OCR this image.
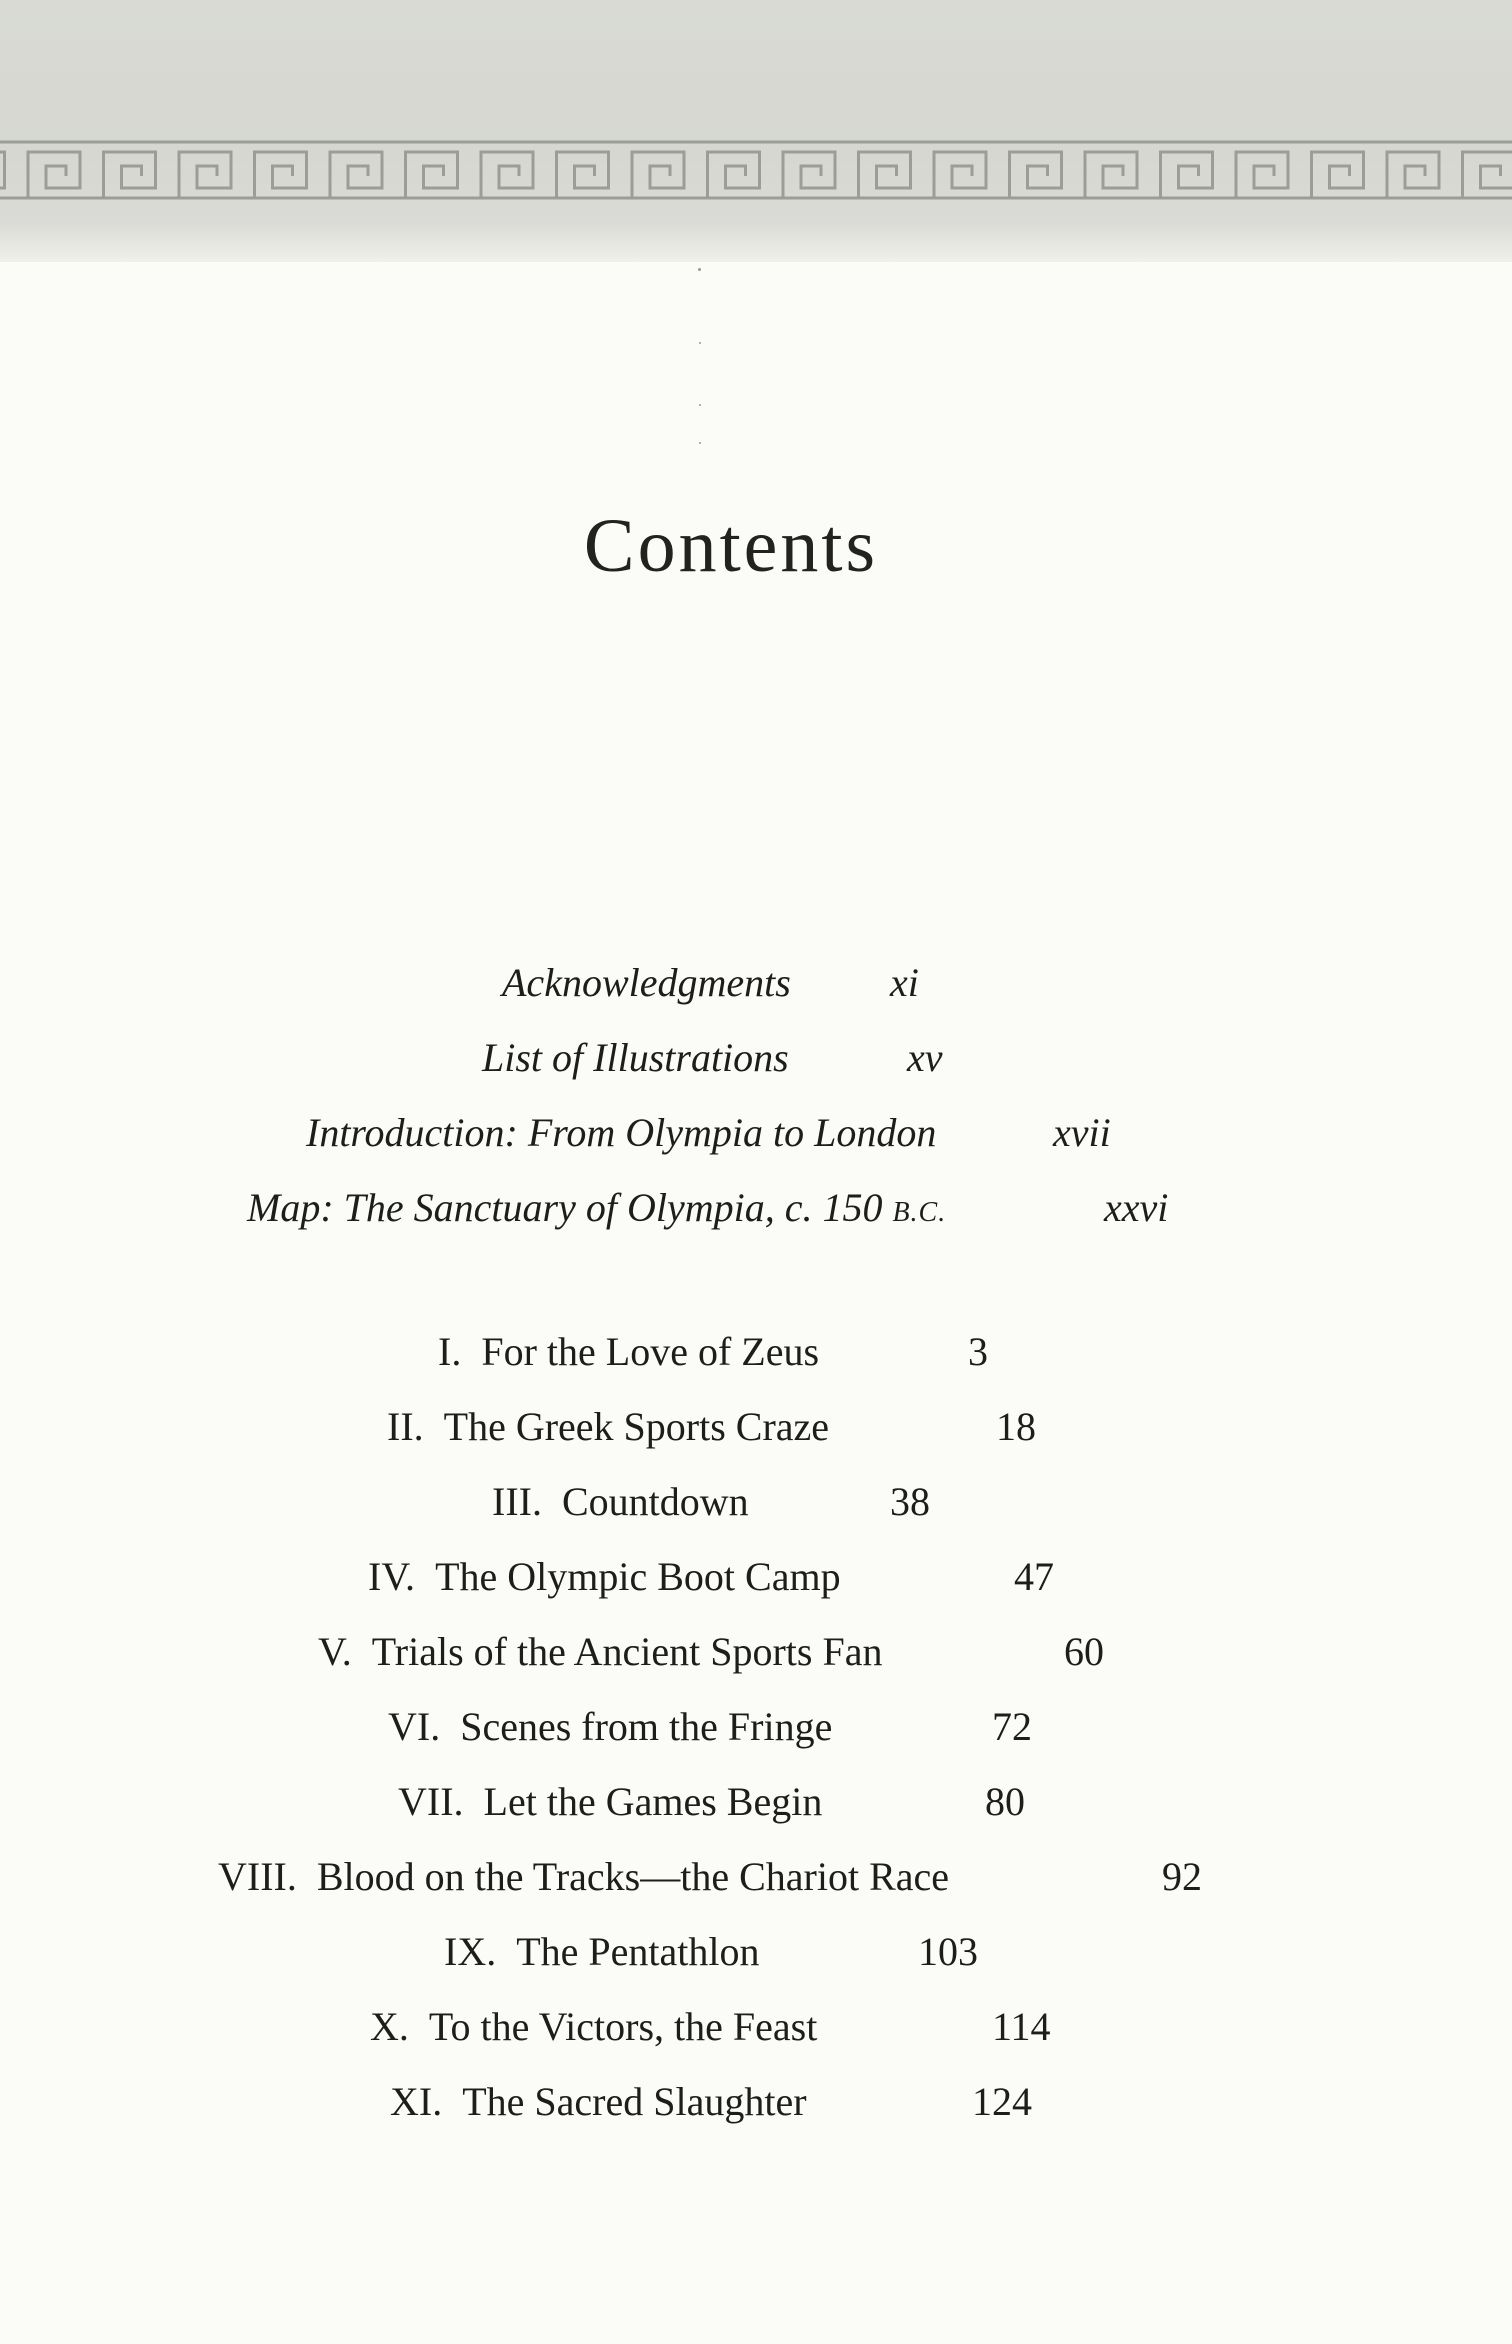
Contents
Acknowledgments xi
List of Illustrations	xv
Introduction: From Olympia to London	xvii
Map: The Sanctuary of Olympia, c. 150 B.C.	xxvi
I. For the Love of Zeus	3
II. The Greek Sports Craze	18
III. Countdown	38
IV. The Olympic Boot Camp	47
V. Trials of the Ancient Sports Fan	60
VI. Scenes from the Fringe	72
VII. Let the Games Begin	80
VIII. Blood on the Tracks—the Chariot Race	92
IX. The Pentathlon	103
X. To the Victors, the Feast	114
XI. The Sacred Slaughter	124
